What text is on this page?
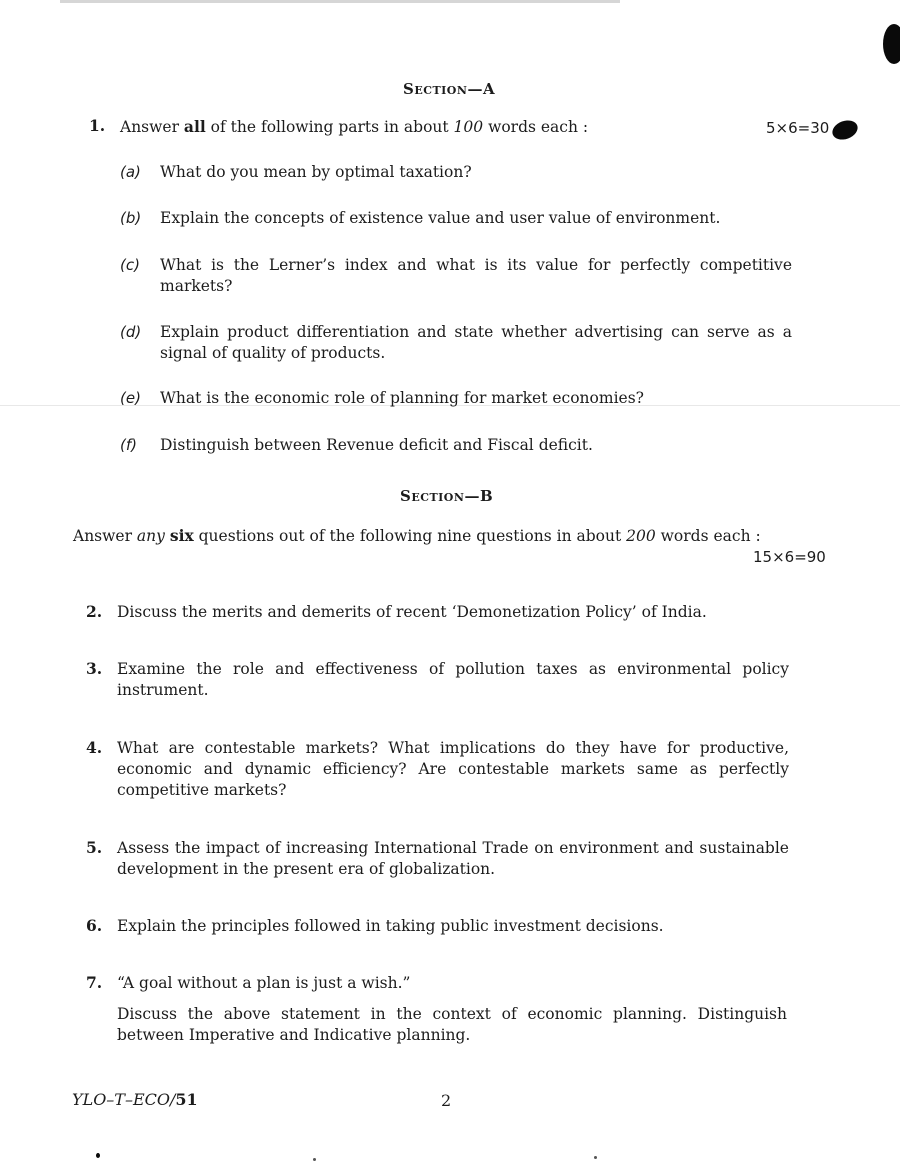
Section—A
1. Answer all of the following parts in about 100 words each :	5×6=30
(a) What do you mean by optimal taxation?
(b) Explain the concepts of existence value and user value of environment.
(c) What is the Lerner’s index and what is its value for perfectly competitive markets?
(d) Explain product differentiation and state whether advertising can serve as a signal of quality of products.
(e) What is the economic role of planning for market economies?
(f) Distinguish between Revenue deficit and Fiscal deficit.
Section—B
Answer any six questions out of the following nine questions in about 200 words each :
15×6=90
2. Discuss the merits and demerits of recent ‘Demonetization Policy’ of India.
3. Examine the role and effectiveness of pollution taxes as environmental policy instrument.
4. What are contestable markets? What implications do they have for productive, economic and dynamic efficiency? Are contestable markets same as perfectly competitive markets?
5. Assess the impact of increasing International Trade on environment and sustainable development in the present era of globalization.
6. Explain the principles followed in taking public investment decisions.
7. “A goal without a plan is just a wish.”
Discuss the above statement in the context of economic planning. Distinguish between Imperative and Indicative planning.
YLO–T–ECO/51	2
